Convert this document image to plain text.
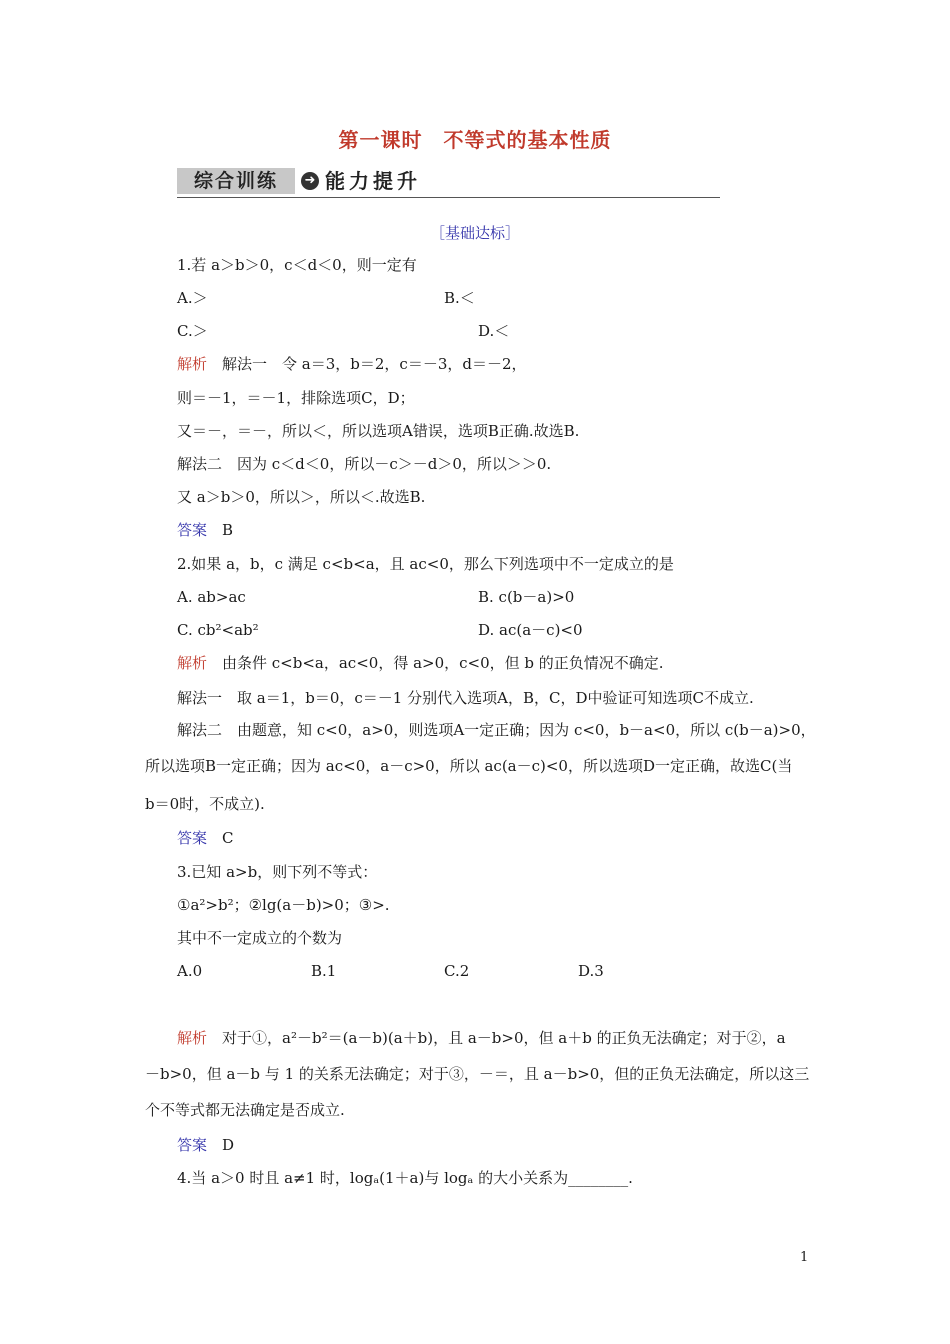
第一课时　不等式的基本性质
综合训练	➜ 能力提升
［基础达标］
1.若 a＞b＞0，c＜d＜0，则一定有
A.＞	B.＜
C.＞	D.＜
解析　解法一　令 a＝3，b＝2，c＝－3，d＝－2，
则＝－1，＝－1，排除选项C，D；
又＝－，＝－，所以＜，所以选项A错误，选项B正确.故选B.
解法二　因为 c＜d＜0，所以－c＞－d＞0，所以＞＞0.
又 a＞b＞0，所以＞，所以＜.故选B.
答案　B
2.如果 a，b，c 满足 c<b<a，且 ac<0，那么下列选项中不一定成立的是
A. ab>ac	B. c(b－a)>0
C. cb²<ab²	D. ac(a－c)<0
解析　由条件 c<b<a，ac<0，得 a>0，c<0，但 b 的正负情况不确定.
解法一　取 a＝1，b＝0，c＝－1 分别代入选项A，B，C，D中验证可知选项C不成立.
解法二　由题意，知 c<0，a>0，则选项A一定正确；因为 c<0，b－a<0，所以 c(b－a)>0，
所以选项B一定正确；因为 ac<0，a－c>0，所以 ac(a－c)<0，所以选项D一定正确，故选C(当
b＝0时，不成立).
答案　C
3.已知 a>b，则下列不等式：
①a²>b²；②lg(a－b)>0；③>.
其中不一定成立的个数为
A.0	B.1	C.2	D.3
解析　对于①，a²－b²＝(a－b)(a＋b)，且 a－b>0，但 a＋b 的正负无法确定；对于②，a
－b>0，但 a－b 与 1 的关系无法确定；对于③，－＝，且 a－b>0，但的正负无法确定，所以这三
个不等式都无法确定是否成立.
答案　D
4.当 a＞0 时且 a≠1 时，logₐ(1＋a)与 logₐ 的大小关系为________.
1
